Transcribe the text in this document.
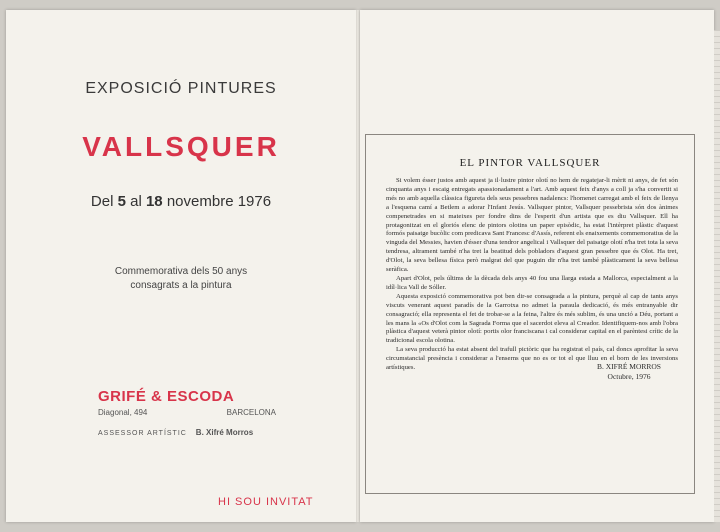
EXPOSICIÓ PINTURES
VALLSQUER
Del 5 al 18 novembre 1976
Commemorativa dels 50 anys
consagrats a la pintura
GRIFÉ & ESCODA
Diagonal, 494	BARCELONA
ASSESSOR ARTÍSTIC B. Xifré Morros
HI SOU INVITAT
EL PINTOR VALLSQUER

Si volem ésser justos amb aquest ja il·lustre pintor olotí no hem de regatejar-li mèrit ni anys, de fet són cinquanta anys i escaig entregats apassionadament a l'art. Amb aquest feix d'anys a coll ja s'ha convertit si més no amb aquella clàssica figureta dels seus pessebres nadalencs: l'homenet carregat amb el feix de llenya a l'esquena camí a Betlem a adorar l'Infant Jesús. Vallsquer pintor, Vallsquer pessebrista són dos ànimes compenetrades en si mateixes per fondre dins de l'esperit d'un artista que es diu Vallsquer. Ell ha protagonitzat en el gloriós elenc de pintors olotins un paper episòdic, ha estat l'intèrpret plàstic d'aquest formós paisatge bucòlic com predicava Sant Francesc d'Assís, referent els enaixements commemoratius de la vinguda del Messies, havien d'ésser d'una tendror angelical i Vallsquer del paisatge olotí n'ha tret tota la seva tendresa, altrament també n'ha tret la beatitud dels pobladors d'aquest gran pessebre que és Olot. Ha tret, d'Olot, la seva bellesa física però malgrat del que puguin dir n'ha tret també plàsticament la seva bellesa seràfica.

Apart d'Olot, pels últims de la dècada dels anys 40 fou una llarga estada a Mallorca, especialment a la idíl·lica Vall de Sóller.

Aquesta exposició commemorativa pot ben dir-se consagrada a la pintura, perquè al cap de tants anys viscuts venerant aquest paradís de la Garrotxa no admet la paraula dedicació, és més entranyable dir consagració; ella representa el fet de trobar-se a la feina, l'altre és més sublim, és una unció a Déu, portant a les mans la «Os d'Olot com la Sagrada Forma que el sacerdot eleva al Creador. Identifiquem-nos amb l'obra plàstica d'aquest veterà pintor olotí: portis olor franciscana i cal considerar capital en el parèntesi crític de la tradicional escola olotina.

La seva producció ha estat absent del trafull pictòric que ha registrat el país, cal doncs aprofitar la seva circumstancial presència i considerar a l'enserns que no es or tot el que lluu en el born de les inversions artístiques.	B. XIFRÉ MORROS
Octubre, 1976
